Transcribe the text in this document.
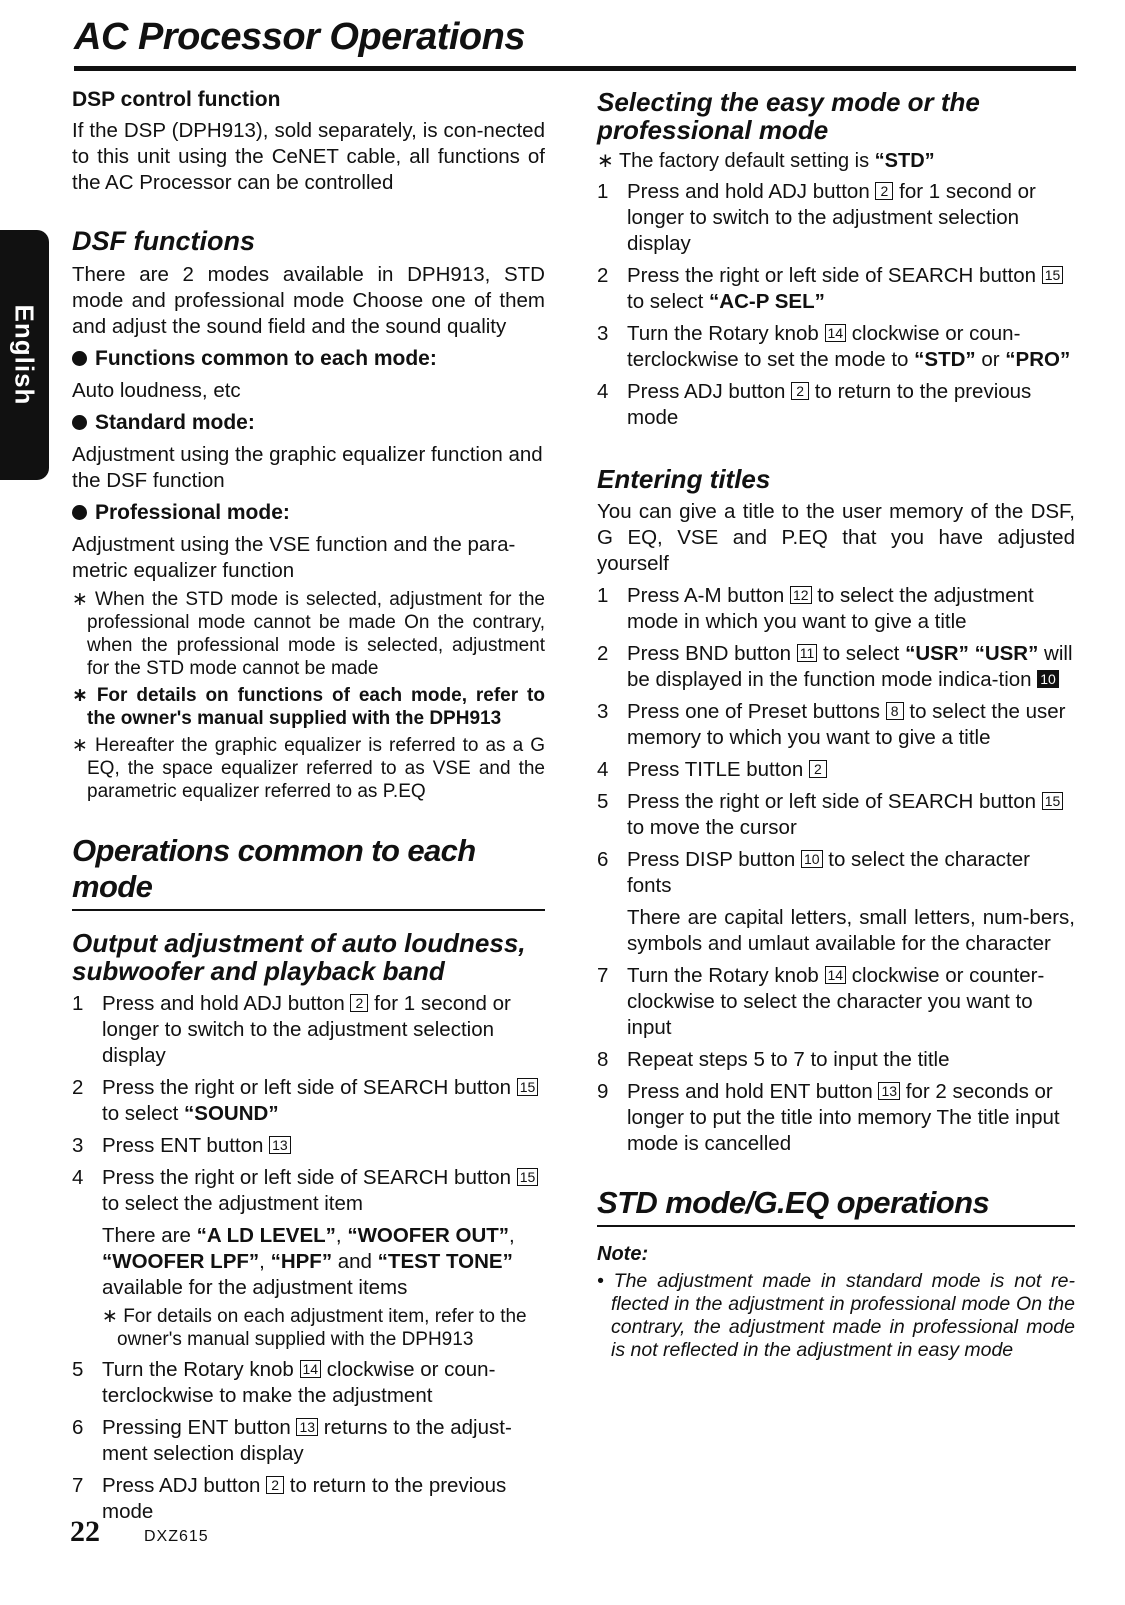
AC Processor Operations
English

DSP control function

If the DSP (DPH913), sold separately, is con-nected to this unit using the CeNET cable, all functions of the AC Processor can be controlled

DSF functions

There are 2 modes available in DPH913, STD mode and professional mode Choose one of them and adjust the sound field and the sound quality

Functions common to each mode:

Auto loudness, etc

Standard mode:

Adjustment using the graphic equalizer function and the DSF function

Professional mode:

Adjustment using the VSE function and the para-metric equalizer function

∗ When the STD mode is selected, adjustment for the professional mode cannot be made On the contrary, when the professional mode is selected, adjustment for the STD mode cannot be made

∗ For details on functions of each mode, refer to the owner's manual supplied with the DPH913

∗ Hereafter the graphic equalizer is referred to as a G EQ, the space equalizer referred to as VSE and the parametric equalizer referred to as P.EQ

Operations common to each mode

Output adjustment of auto loudness, subwoofer and playback band

1 Press and hold ADJ button 2 for 1 second or longer to switch to the adjustment selection display
2 Press the right or left side of SEARCH button 15 to select “SOUND”
3 Press ENT button 13
4 Press the right or left side of SEARCH button 15 to select the adjustment item
There are “A LD LEVEL”, “WOOFER OUT”, “WOOFER LPF”, “HPF” and “TEST TONE” available for the adjustment items
∗ For details on each adjustment item, refer to the owner's manual supplied with the DPH913
5 Turn the Rotary knob 14 clockwise or coun-terclockwise to make the adjustment
6 Pressing ENT button 13 returns to the adjust-ment selection display
7 Press ADJ button 2 to return to the previous mode

Selecting the easy mode or the professional mode

∗ The factory default setting is “STD”

1 Press and hold ADJ button 2 for 1 second or longer to switch to the adjustment selection display
2 Press the right or left side of SEARCH button 15 to select “AC-P SEL”
3 Turn the Rotary knob 14 clockwise or coun-terclockwise to set the mode to “STD” or “PRO”
4 Press ADJ button 2 to return to the previous mode

Entering titles

You can give a title to the user memory of the DSF, G EQ, VSE and P.EQ that you have adjusted yourself

1 Press A-M button 12 to select the adjustment mode in which you want to give a title
2 Press BND button 11 to select “USR” “USR” will be displayed in the function mode indica-tion 10
3 Press one of Preset buttons 8 to select the user memory to which you want to give a title
4 Press TITLE button 2
5 Press the right or left side of SEARCH button 15 to move the cursor
6 Press DISP button 10 to select the character fonts
There are capital letters, small letters, num-bers, symbols and umlaut available for the character
7 Turn the Rotary knob 14 clockwise or counter-clockwise to select the character you want to input
8 Repeat steps 5 to 7 to input the title
9 Press and hold ENT button 13 for 2 seconds or longer to put the title into memory The title input mode is cancelled

STD mode/G.EQ operations

Note:

• The adjustment made in standard mode is not re-flected in the adjustment in professional mode On the contrary, the adjustment made in professional mode is not reflected in the adjustment in easy mode

22	DXZ615
